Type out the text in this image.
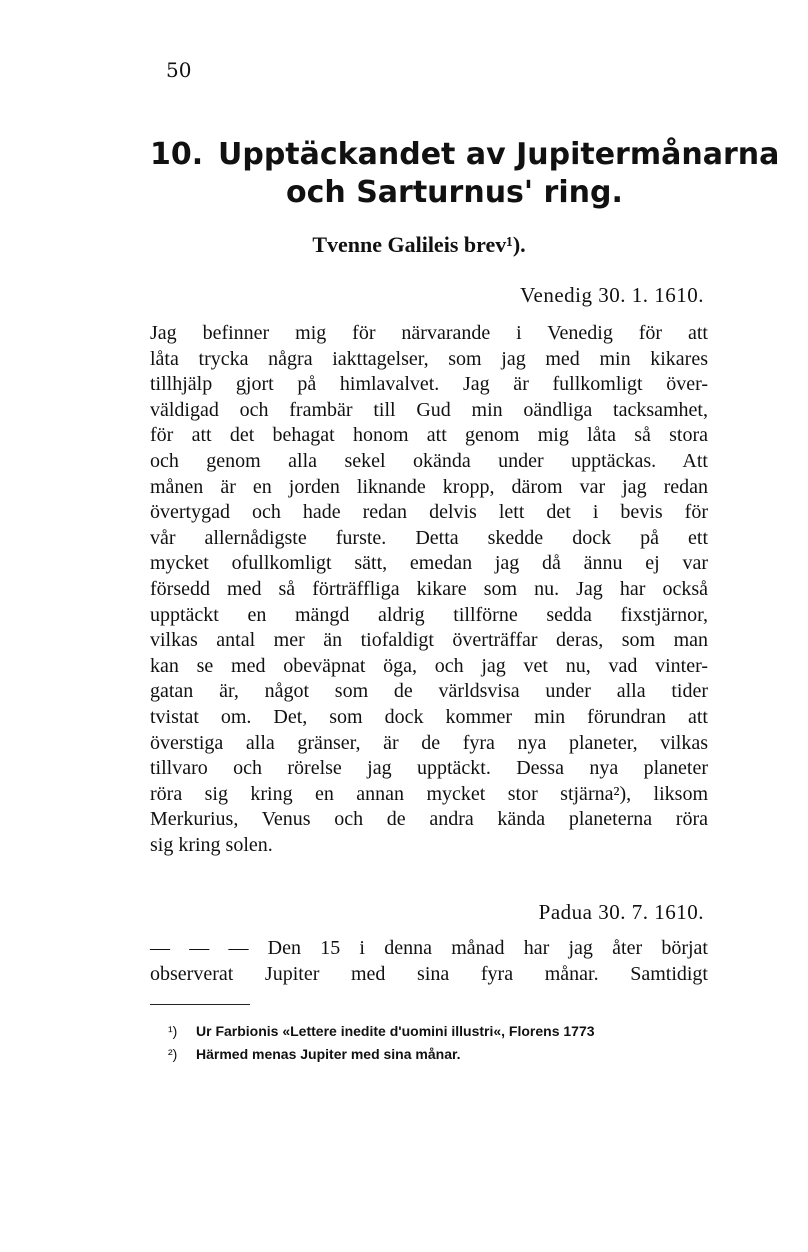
50
10. Upptäckandet av Jupitermånarna
och Sarturnus' ring.
Tvenne Galileis brev¹).
Venedig 30. 1. 1610.
Jag befinner mig för närvarande i Venedig för att
låta trycka några iakttagelser, som jag med min kikares
tillhjälp gjort på himlavalvet. Jag är fullkomligt över-
väldigad och frambär till Gud min oändliga tacksamhet,
för att det behagat honom att genom mig låta så stora
och genom alla sekel okända under upptäckas. Att
månen är en jorden liknande kropp, därom var jag redan
övertygad och hade redan delvis lett det i bevis för
vår allernådigste furste. Detta skedde dock på ett
mycket ofullkomligt sätt, emedan jag då ännu ej var
försedd med så förträffliga kikare som nu. Jag har också
upptäckt en mängd aldrig tillförne sedda fixstjärnor,
vilkas antal mer än tiofaldigt överträffar deras, som man
kan se med obeväpnat öga, och jag vet nu, vad vinter-
gatan är, något som de världsvisa under alla tider
tvistat om. Det, som dock kommer min förundran att
överstiga alla gränser, är de fyra nya planeter, vilkas
tillvaro och rörelse jag upptäckt. Dessa nya planeter
röra sig kring en annan mycket stor stjärna²), liksom
Merkurius, Venus och de andra kända planeterna röra
sig kring solen.
Padua 30. 7. 1610.
— — — Den 15 i denna månad har jag åter börjat
observerat Jupiter med sina fyra månar. Samtidigt
¹) Ur Farbionis «Lettere inedite d'uomini illustri«, Florens 1773
²) Härmed menas Jupiter med sina månar.
